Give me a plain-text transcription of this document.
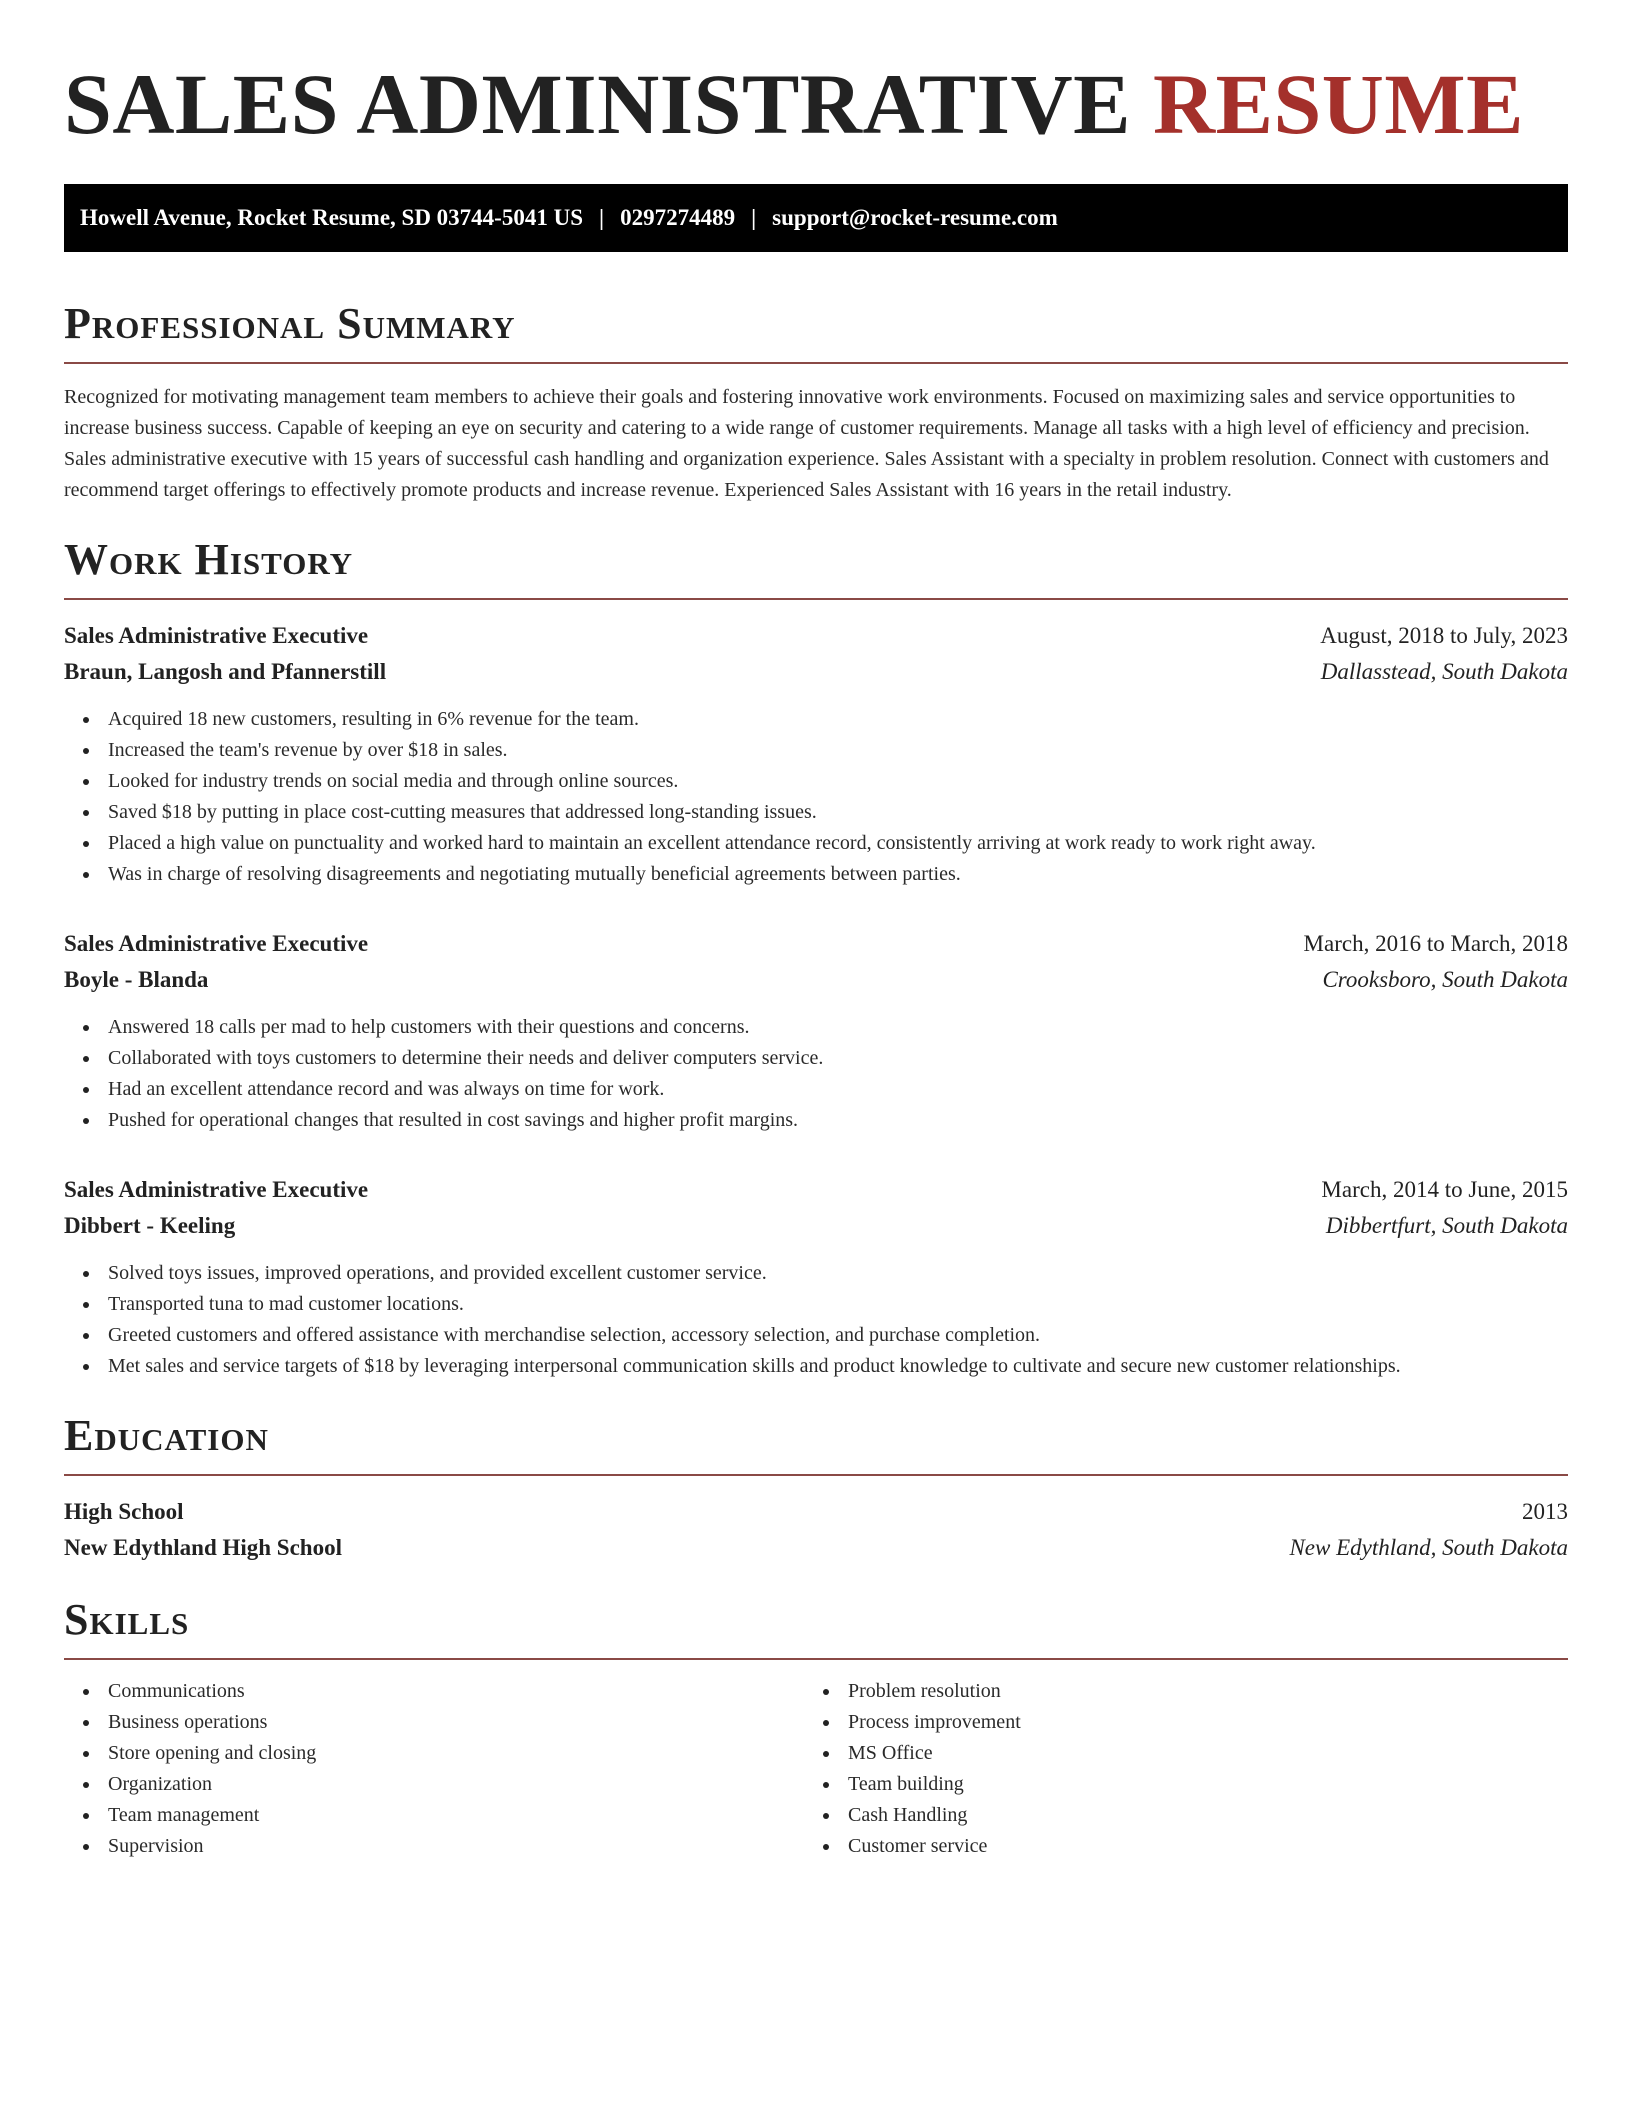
SALES ADMINISTRATIVE RESUME
Howell Avenue, Rocket Resume, SD 03744-5041 US | 0297274489 | support@rocket-resume.com
Professional Summary

Recognized for motivating management team members to achieve their goals and fostering innovative work environments. Focused on maximizing sales and service opportunities to increase business success. Capable of keeping an eye on security and catering to a wide range of customer requirements. Manage all tasks with a high level of efficiency and precision. Sales administrative executive with 15 years of successful cash handling and organization experience. Sales Assistant with a specialty in problem resolution. Connect with customers and recommend target offerings to effectively promote products and increase revenue. Experienced Sales Assistant with 16 years in the retail industry.

Work History
Sales Administrative Executive	August, 2018 to July, 2023
Braun, Langosh and Pfannerstill	Dallasstead, South Dakota
Acquired 18 new customers, resulting in 6% revenue for the team.
Increased the team's revenue by over $18 in sales.
Looked for industry trends on social media and through online sources.
Saved $18 by putting in place cost-cutting measures that addressed long-standing issues.
Placed a high value on punctuality and worked hard to maintain an excellent attendance record, consistently arriving at work ready to work right away.
Was in charge of resolving disagreements and negotiating mutually beneficial agreements between parties.
Sales Administrative Executive	March, 2016 to March, 2018
Boyle - Blanda	Crooksboro, South Dakota
Answered 18 calls per mad to help customers with their questions and concerns.
Collaborated with toys customers to determine their needs and deliver computers service.
Had an excellent attendance record and was always on time for work.
Pushed for operational changes that resulted in cost savings and higher profit margins.
Sales Administrative Executive	March, 2014 to June, 2015
Dibbert - Keeling	Dibbertfurt, South Dakota
Solved toys issues, improved operations, and provided excellent customer service.
Transported tuna to mad customer locations.
Greeted customers and offered assistance with merchandise selection, accessory selection, and purchase completion.
Met sales and service targets of $18 by leveraging interpersonal communication skills and product knowledge to cultivate and secure new customer relationships.
Education
High School	2013
New Edythland High School	New Edythland, South Dakota
Skills
Communications
Business operations
Store opening and closing
Organization
Team management
Supervision
Problem resolution
Process improvement
MS Office
Team building
Cash Handling
Customer service
